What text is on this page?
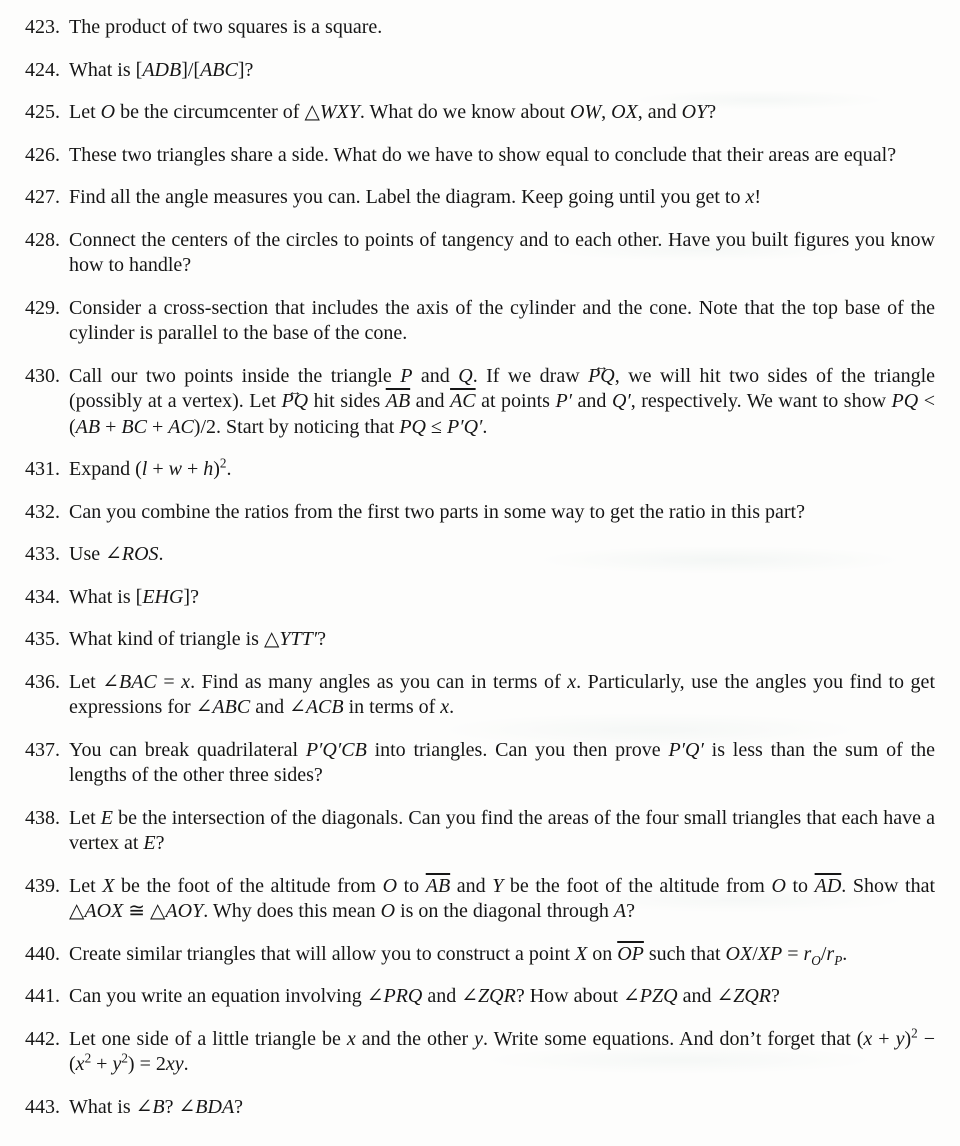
423. The product of two squares is a square.
424. What is [ADB]/[ABC]?
425. Let O be the circumcenter of △WXY. What do we know about OW, OX, and OY?
426. These two triangles share a side. What do we have to show equal to conclude that their areas are equal?
427. Find all the angle measures you can. Label the diagram. Keep going until you get to x!
428. Connect the centers of the circles to points of tangency and to each other. Have you built figures you know how to handle?
429. Consider a cross-section that includes the axis of the cylinder and the cone. Note that the top base of the cylinder is parallel to the base of the cone.
430. Call our two points inside the triangle P and Q. If we draw ↔ PQ, we will hit two sides of the triangle (possibly at a vertex). Let ↔ PQ hit sides $\overline{AB}$ and $\overline{AC}$ at points P′ and Q′, respectively. We want to show PQ < (AB + BC + AC)/2. Start by noticing that PQ ≤ P′Q′.
431. Expand $(l + w + h)^2$.
432. Can you combine the ratios from the first two parts in some way to get the ratio in this part?
433. Use ∠ROS.
434. What is [EHG]?
435. What kind of triangle is △YTT′?
436. Let ∠BAC = x. Find as many angles as you can in terms of x. Particularly, use the angles you find to get expressions for ∠ABC and ∠ACB in terms of x.
437. You can break quadrilateral P′Q′CB into triangles. Can you then prove P′Q′ is less than the sum of the lengths of the other three sides?
438. Let E be the intersection of the diagonals. Can you find the areas of the four small triangles that each have a vertex at E?
439. Let X be the foot of the altitude from O to $\overline{AB}$ and Y be the foot of the altitude from O to $\overline{AD}$. Show that △AOX ≅ △AOY. Why does this mean O is on the diagonal through A?
440. Create similar triangles that will allow you to construct a point X on $\overline{OP}$ such that $OX/XP = r_O/r_P$.
441. Can you write an equation involving ∠PRQ and ∠ZQR? How about ∠PZQ and ∠ZQR?
442. Let one side of a little triangle be x and the other y. Write some equations. And don’t forget that $(x + y)^2 - (x^2 + y^2) = 2xy$.
443. What is ∠B? ∠BDA?
